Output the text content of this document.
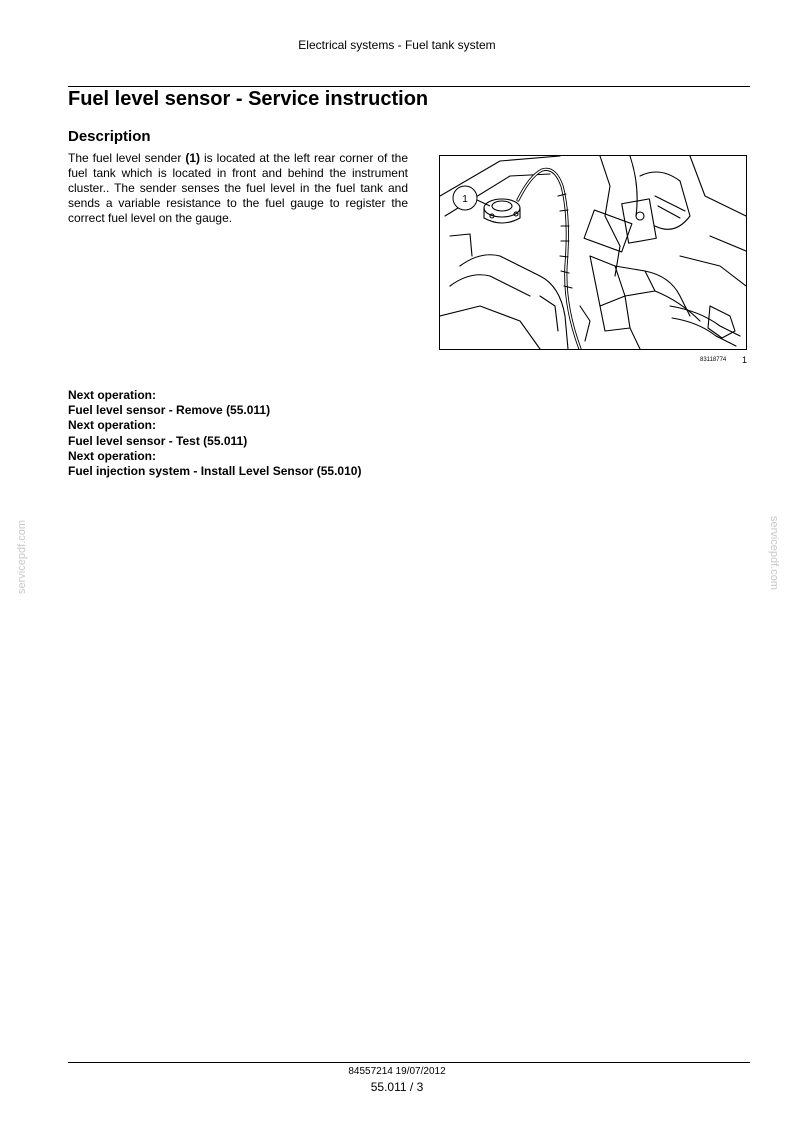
Electrical systems - Fuel tank system
Fuel level sensor - Service instruction
Description

The fuel level sender (1) is located at the left rear corner of the fuel tank which is located in front and behind the instrument cluster.. The sender senses the fuel level in the fuel tank and sends a variable resistance to the fuel gauge to register the correct fuel level on the gauge.

1
83118774 1
Next operation:
Fuel level sensor - Remove (55.011)
Next operation:
Fuel level sensor - Test (55.011)
Next operation:
Fuel injection system - Install Level Sensor (55.010)
servicepdf.com	servicepdf.com
84557214 19/07/2012
55.011 / 3
